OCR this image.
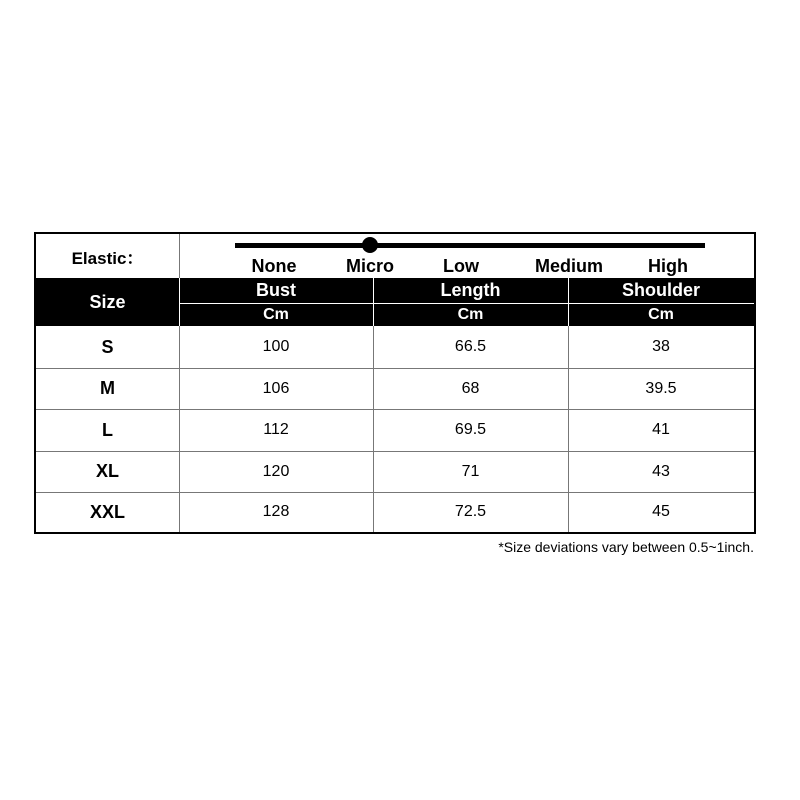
Elastic：	None	Micro	Low	Medium High
Size
Bust	Length	Shoulder
Cm	Cm	Cm
S	100	66.5	38
M	106	68	39.5
L	112	69.5	41
XL	120	71	43
XXL	128	72.5	45
*Size deviations vary between 0.5~1inch.
